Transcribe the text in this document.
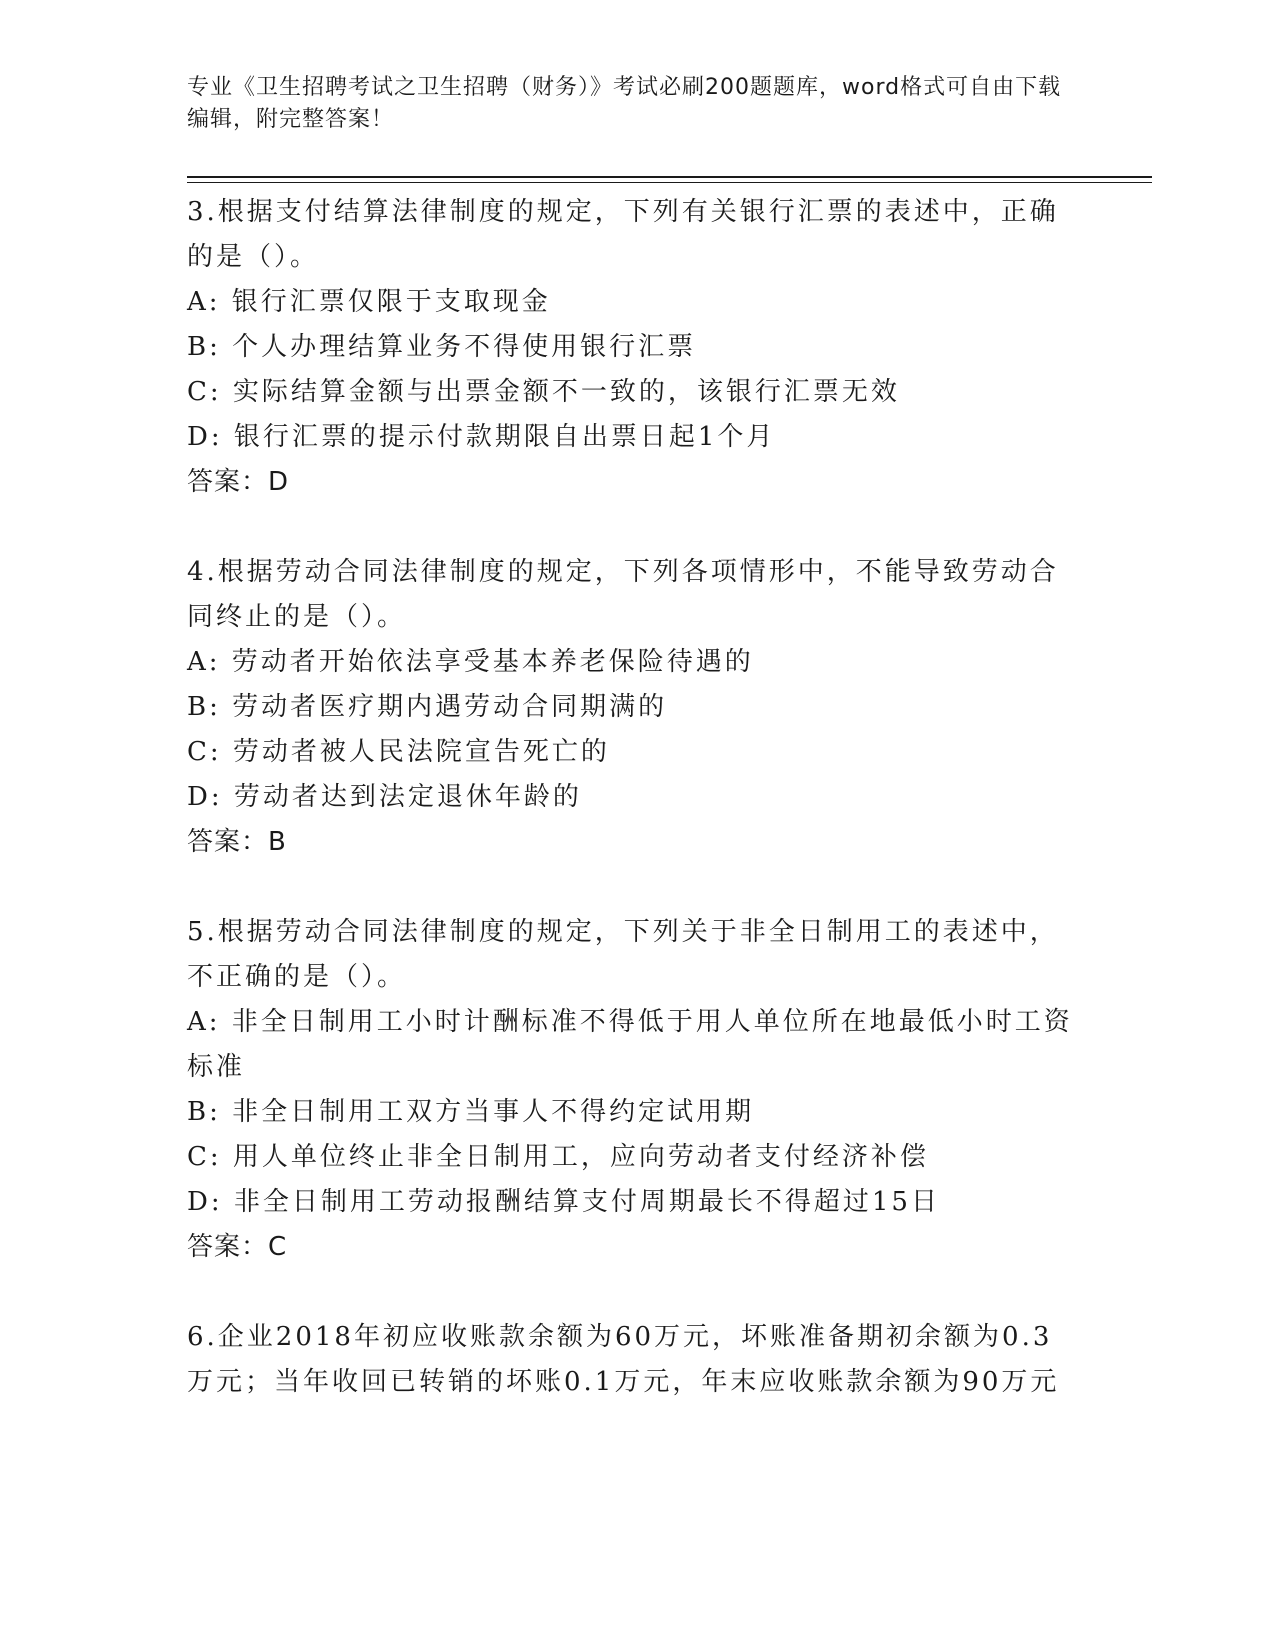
专业《卫生招聘考试之卫生招聘（财务）》考试必刷200题题库，word格式可自由下载编辑，附完整答案！
3.根据支付结算法律制度的规定，下列有关银行汇票的表述中，正确的是（）。
A: 银行汇票仅限于支取现金
B: 个人办理结算业务不得使用银行汇票
C: 实际结算金额与出票金额不一致的，该银行汇票无效
D: 银行汇票的提示付款期限自出票日起1个月
答案：D
4.根据劳动合同法律制度的规定，下列各项情形中，不能导致劳动合同终止的是（）。
A: 劳动者开始依法享受基本养老保险待遇的
B: 劳动者医疗期内遇劳动合同期满的
C: 劳动者被人民法院宣告死亡的
D: 劳动者达到法定退休年龄的
答案：B
5.根据劳动合同法律制度的规定，下列关于非全日制用工的表述中，不正确的是（）。
A: 非全日制用工小时计酬标准不得低于用人单位所在地最低小时工资标准
B: 非全日制用工双方当事人不得约定试用期
C: 用人单位终止非全日制用工，应向劳动者支付经济补偿
D: 非全日制用工劳动报酬结算支付周期最长不得超过15日
答案：C
6.企业2018年初应收账款余额为60万元，坏账准备期初余额为0.3万元；当年收回已转销的坏账0.1万元，年末应收账款余额为90万元
